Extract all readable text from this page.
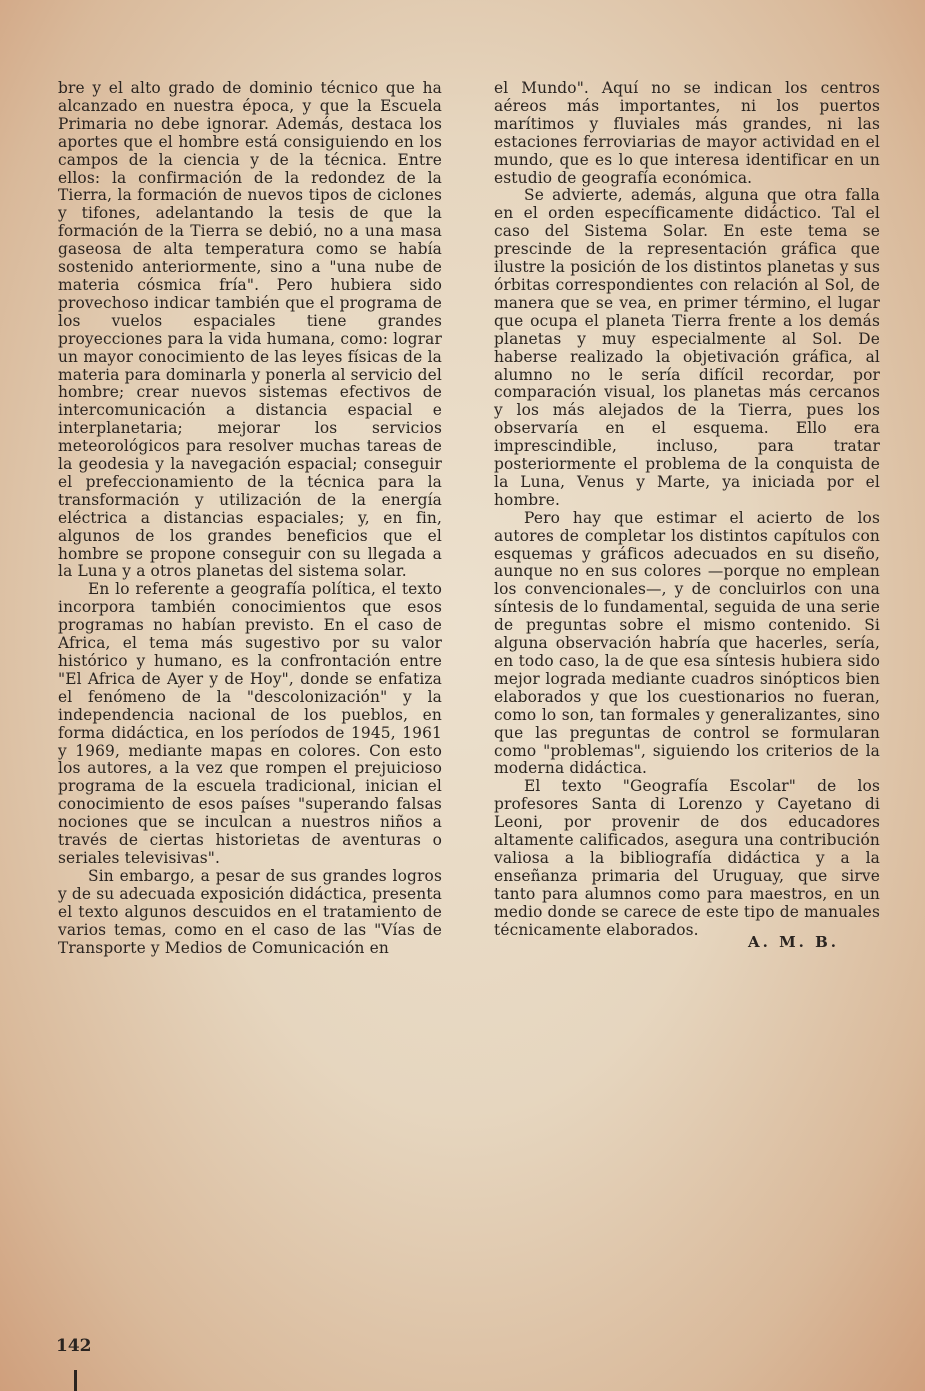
bre y el alto grado de dominio técnico que ha alcanzado en nuestra época, y que la Escuela Primaria no debe ignorar. Además, destaca los aportes que el hombre está consiguiendo en los campos de la ciencia y de la técnica. Entre ellos: la confirmación de la redondez de la Tierra, la formación de nuevos tipos de ciclones y tifones, adelantando la tesis de que la formación de la Tierra se debió, no a una masa gaseosa de alta temperatura como se había sostenido anteriormente, sino a "una nube de materia cósmica fría". Pero hubiera sido provechoso indicar también que el programa de los vuelos espaciales tiene grandes proyecciones para la vida humana, como: lograr un mayor conocimiento de las leyes físicas de la materia para dominarla y ponerla al servicio del hombre; crear nuevos sistemas efectivos de intercomunicación a distancia espacial e interplanetaria; mejorar los servicios meteorológicos para resolver muchas tareas de la geodesia y la navegación espacial; conseguir el prefeccionamiento de la técnica para la transformación y utilización de la energía eléctrica a distancias espaciales; y, en fin, algunos de los grandes beneficios que el hombre se propone conseguir con su llegada a la Luna y a otros planetas del sistema solar.

En lo referente a geografía política, el texto incorpora también conocimientos que esos programas no habían previsto. En el caso de Africa, el tema más sugestivo por su valor histórico y humano, es la confrontación entre "El Africa de Ayer y de Hoy", donde se enfatiza el fenómeno de la "descolonización" y la independencia nacional de los pueblos, en forma didáctica, en los períodos de 1945, 1961 y 1969, mediante mapas en colores. Con esto los autores, a la vez que rompen el prejuicioso programa de la escuela tradicional, inician el conocimiento de esos países "superando falsas nociones que se inculcan a nuestros niños a través de ciertas historietas de aventuras o seriales televisivas".

Sin embargo, a pesar de sus grandes logros y de su adecuada exposición didáctica, presenta el texto algunos descuidos en el tratamiento de varios temas, como en el caso de las "Vías de Transporte y Medios de Comunicación en

el Mundo". Aquí no se indican los centros aéreos más importantes, ni los puertos marítimos y fluviales más grandes, ni las estaciones ferroviarias de mayor actividad en el mundo, que es lo que interesa identificar en un estudio de geografía económica.

Se advierte, además, alguna que otra falla en el orden específicamente didáctico. Tal el caso del Sistema Solar. En este tema se prescinde de la representación gráfica que ilustre la posición de los distintos planetas y sus órbitas correspondientes con relación al Sol, de manera que se vea, en primer término, el lugar que ocupa el planeta Tierra frente a los demás planetas y muy especialmente al Sol. De haberse realizado la objetivación gráfica, al alumno no le sería difícil recordar, por comparación visual, los planetas más cercanos y los más alejados de la Tierra, pues los observaría en el esquema. Ello era imprescindible, incluso, para tratar posteriormente el problema de la conquista de la Luna, Venus y Marte, ya iniciada por el hombre.

Pero hay que estimar el acierto de los autores de completar los distintos capítulos con esquemas y gráficos adecuados en su diseño, aunque no en sus colores —porque no emplean los convencionales—, y de concluirlos con una síntesis de lo fundamental, seguida de una serie de preguntas sobre el mismo contenido. Si alguna observación habría que hacerles, sería, en todo caso, la de que esa síntesis hubiera sido mejor lograda mediante cuadros sinópticos bien elaborados y que los cuestionarios no fueran, como lo son, tan formales y generalizantes, sino que las preguntas de control se formularan como "problemas", siguiendo los criterios de la moderna didáctica.

El texto "Geografía Escolar" de los profesores Santa di Lorenzo y Cayetano di Leoni, por provenir de dos educadores altamente calificados, asegura una contribución valiosa a la bibliografía didáctica y a la enseñanza primaria del Uruguay, que sirve tanto para alumnos como para maestros, en un medio donde se carece de este tipo de manuales técnicamente elaborados.

A. M. B.
142
